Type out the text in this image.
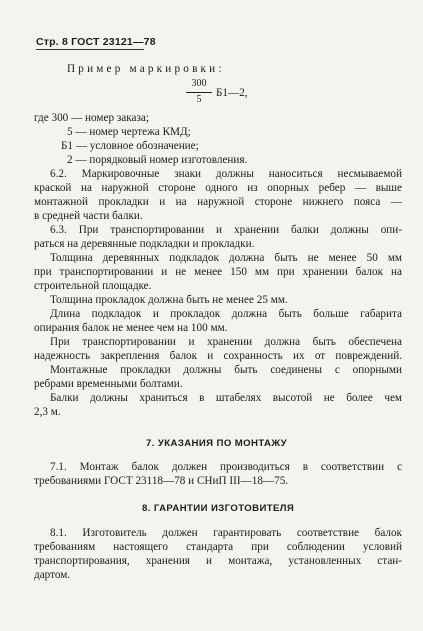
Стр. 8 ГОСТ 23121—78
Пример маркировки:
300
5
Б1—2,
где 300 — номер заказа;
5 — номер чертежа КМД;
Б1 — условное обозначение;
2 — порядковый номер изготовления.
6.2. Маркировочные знаки должны наноситься несмываемой
краской на наружной стороне одного из опорных ребер — выше
монтажной прокладки и на наружной стороне нижнего пояса —
в средней части балки.
6.3. При транспортировании и хранении балки должны опи-
раться на деревянные подкладки и прокладки.
Толщина деревянных подкладок должна быть не менее 50 мм
при транспортировании и не менее 150 мм при хранении балок на
строительной площадке.
Толщина прокладок должна быть не менее 25 мм.
Длина подкладок и прокладок должна быть больше габарита
опирания балок не менее чем на 100 мм.
При транспортировании и хранении должна быть обеспечена
надежность закрепления балок и сохранность их от повреждений.
Монтажные прокладки должны быть соединены с опорными
ребрами временными болтами.
Балки должны храниться в штабелях высотой не более чем
2,3 м.
7. УКАЗАНИЯ ПО МОНТАЖУ
7.1. Монтаж балок должен производиться в соответствии с
требованиями ГОСТ 23118—78 и СНиП III—18—75.
8. ГАРАНТИИ ИЗГОТОВИТЕЛЯ
8.1. Изготовитель должен гарантировать соответствие балок
требованиям настоящего стандарта при соблюдении условий
транспортирования, хранения и монтажа, установленных стан-
дартом.
